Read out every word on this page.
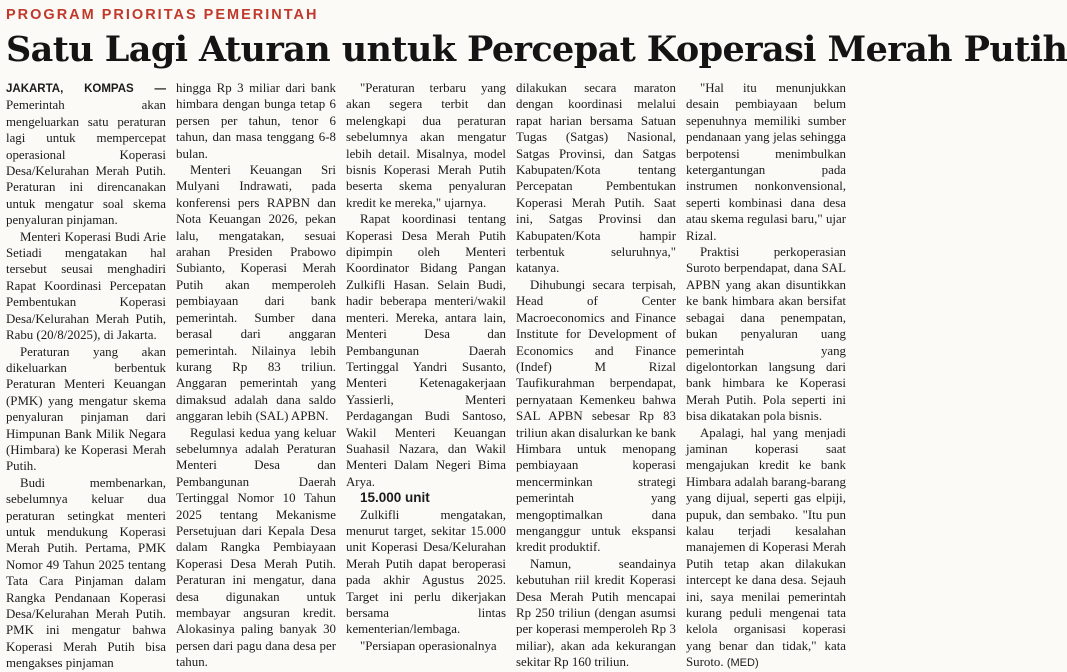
PROGRAM PRIORITAS PEMERINTAH
Satu Lagi Aturan untuk Percepat Koperasi Merah Putih

JAKARTA, KOMPAS — Pemerintah akan mengeluarkan satu peraturan lagi untuk mempercepat operasional Koperasi Desa/Kelurahan Merah Putih. Peraturan ini direncanakan untuk mengatur soal skema penyaluran pinjaman.

Menteri Koperasi Budi Arie Setiadi mengatakan hal tersebut seusai menghadiri Rapat Koordinasi Percepatan Pembentukan Koperasi Desa/Kelurahan Merah Putih, Rabu (20/8/2025), di Jakarta.

Peraturan yang akan dikeluarkan berbentuk Peraturan Menteri Keuangan (PMK) yang mengatur skema penyaluran pinjaman dari Himpunan Bank Milik Negara (Himbara) ke Koperasi Merah Putih.

Budi membenarkan, sebelumnya keluar dua peraturan setingkat menteri untuk mendukung Koperasi Merah Putih. Pertama, PMK Nomor 49 Tahun 2025 tentang Tata Cara Pinjaman dalam Rangka Pendanaan Koperasi Desa/Kelurahan Merah Putih. PMK ini mengatur bahwa Koperasi Merah Putih bisa mengakses pinjaman

hingga Rp 3 miliar dari bank himbara dengan bunga tetap 6 persen per tahun, tenor 6 tahun, dan masa tenggang 6-8 bulan.

Menteri Keuangan Sri Mulyani Indrawati, pada konferensi pers RAPBN dan Nota Keuangan 2026, pekan lalu, mengatakan, sesuai arahan Presiden Prabowo Subianto, Koperasi Merah Putih akan memperoleh pembiayaan dari bank pemerintah. Sumber dana berasal dari anggaran pemerintah. Nilainya lebih kurang Rp 83 triliun. Anggaran pemerintah yang dimaksud adalah dana saldo anggaran lebih (SAL) APBN.

Regulasi kedua yang keluar sebelumnya adalah Peraturan Menteri Desa dan Pembangunan Daerah Tertinggal Nomor 10 Tahun 2025 tentang Mekanisme Persetujuan dari Kepala Desa dalam Rangka Pembiayaan Koperasi Desa Merah Putih. Peraturan ini mengatur, dana desa digunakan untuk membayar angsuran kredit. Alokasinya paling banyak 30 persen dari pagu dana desa per tahun.

"Peraturan terbaru yang akan segera terbit dan melengkapi dua peraturan sebelumnya akan mengatur lebih detail. Misalnya, model bisnis Koperasi Merah Putih beserta skema penyaluran kredit ke mereka," ujarnya.

Rapat koordinasi tentang Koperasi Desa Merah Putih dipimpin oleh Menteri Koordinator Bidang Pangan Zulkifli Hasan. Selain Budi, hadir beberapa menteri/wakil menteri. Mereka, antara lain, Menteri Desa dan Pembangunan Daerah Tertinggal Yandri Susanto, Menteri Ketenagakerjaan Yassierli, Menteri Perdagangan Budi Santoso, Wakil Menteri Keuangan Suahasil Nazara, dan Wakil Menteri Dalam Negeri Bima Arya.

15.000 unit

Zulkifli mengatakan, menurut target, sekitar 15.000 unit Koperasi Desa/Kelurahan Merah Putih dapat beroperasi pada akhir Agustus 2025. Target ini perlu dikerjakan bersama lintas kementerian/lembaga.

"Persiapan operasionalnya

dilakukan secara maraton dengan koordinasi melalui rapat harian bersama Satuan Tugas (Satgas) Nasional, Satgas Provinsi, dan Satgas Kabupaten/Kota tentang Percepatan Pembentukan Koperasi Merah Putih. Saat ini, Satgas Provinsi dan Kabupaten/Kota hampir terbentuk seluruhnya," katanya.

Dihubungi secara terpisah, Head of Center Macroeconomics and Finance Institute for Development of Economics and Finance (Indef) M Rizal Taufikurahman berpendapat, pernyataan Kemenkeu bahwa SAL APBN sebesar Rp 83 triliun akan disalurkan ke bank Himbara untuk menopang pembiayaan koperasi mencerminkan strategi pemerintah yang mengoptimalkan dana menganggur untuk ekspansi kredit produktif.

Namun, seandainya kebutuhan riil kredit Koperasi Desa Merah Putih mencapai Rp 250 triliun (dengan asumsi per koperasi memperoleh Rp 3 miliar), akan ada kekurangan sekitar Rp 160 triliun.

"Hal itu menunjukkan desain pembiayaan belum sepenuhnya memiliki sumber pendanaan yang jelas sehingga berpotensi menimbulkan ketergantungan pada instrumen nonkonvensional, seperti kombinasi dana desa atau skema regulasi baru," ujar Rizal.

Praktisi perkoperasian Suroto berpendapat, dana SAL APBN yang akan disuntikkan ke bank himbara akan bersifat sebagai dana penempatan, bukan penyaluran uang pemerintah yang digelontorkan langsung dari bank himbara ke Koperasi Merah Putih. Pola seperti ini bisa dikatakan pola bisnis.

Apalagi, hal yang menjadi jaminan koperasi saat mengajukan kredit ke bank Himbara adalah barang-barang yang dijual, seperti gas elpiji, pupuk, dan sembako. "Itu pun kalau terjadi kesalahan manajemen di Koperasi Merah Putih tetap akan dilakukan intercept ke dana desa. Sejauh ini, saya menilai pemerintah kurang peduli mengenai tata kelola organisasi koperasi yang benar dan tidak," kata Suroto. (MED)
